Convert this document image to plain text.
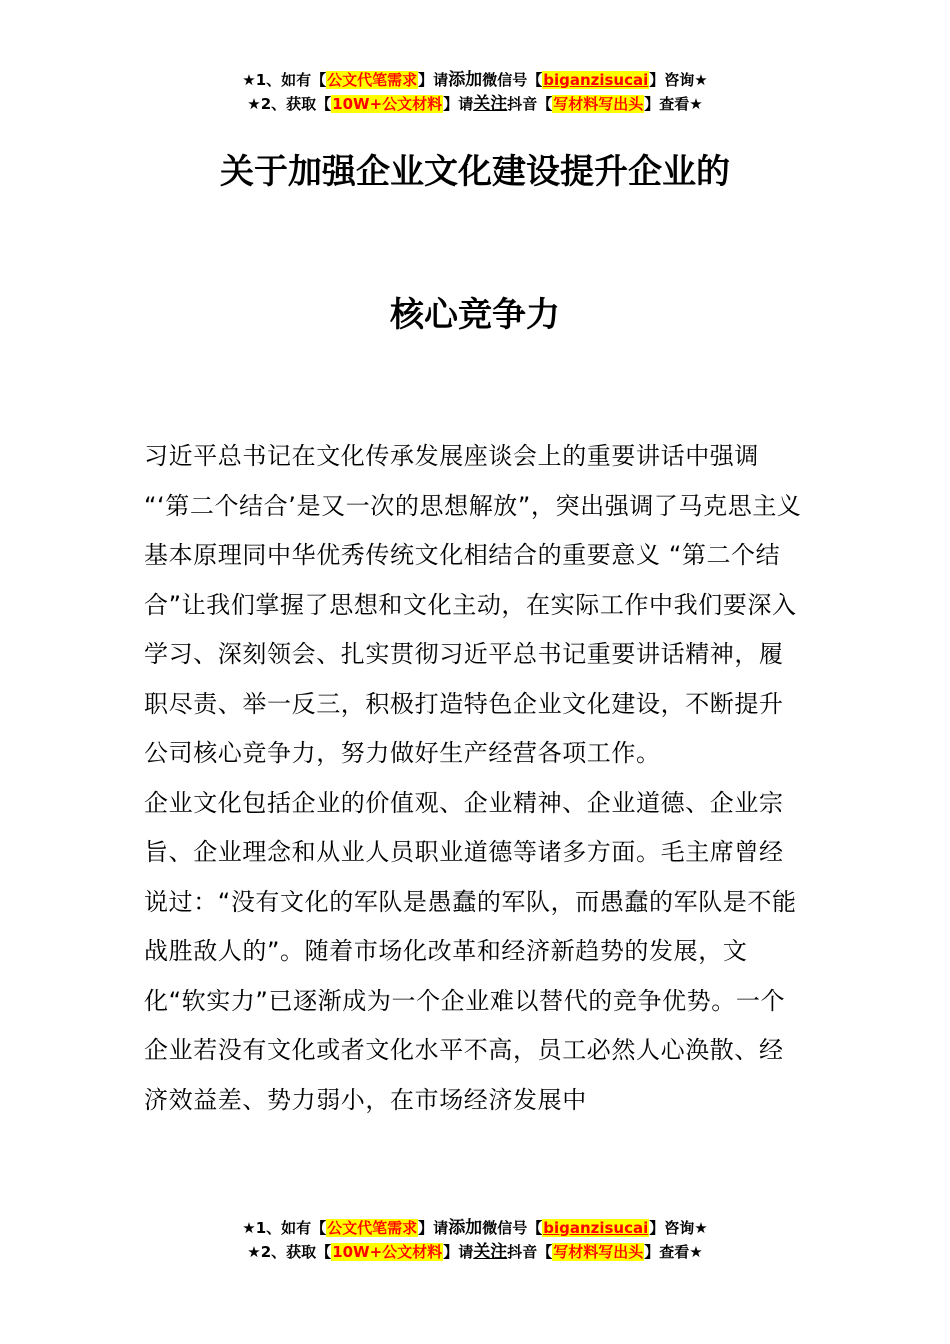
★1、如有【公文代笔需求】请添加微信号【biganzisucai】咨询★
★2、获取【10W+公文材料】请关注抖音【写材料写出头】查看★
关于加强企业文化建设提升企业的
核心竞争力

习近平总书记在文化传承发展座谈会上的重要讲话中强调 “‘第二个结合’是又一次的思想解放”，突出强调了马克思主义基本原理同中华优秀传统文化相结合的重要意义 “第二个结合”让我们掌握了思想和文化主动，在实际工作中我们要深入学习、深刻领会、扎实贯彻习近平总书记重要讲话精神，履职尽责、举一反三，积极打造特色企业文化建设，不断提升公司核心竞争力，努力做好生产经营各项工作。

企业文化包括企业的价值观、企业精神、企业道德、企业宗旨、企业理念和从业人员职业道德等诸多方面。毛主席曾经说过：“没有文化的军队是愚蠢的军队，而愚蠢的军队是不能战胜敌人的”。随着市场化改革和经济新趋势的发展，文化“软实力”已逐渐成为一个企业难以替代的竞争优势。一个企业若没有文化或者文化水平不高，员工必然人心涣散、经济效益差、势力弱小，在市场经济发展中

★1、如有【公文代笔需求】请添加微信号【biganzisucai】咨询★
★2、获取【10W+公文材料】请关注抖音【写材料写出头】查看★
